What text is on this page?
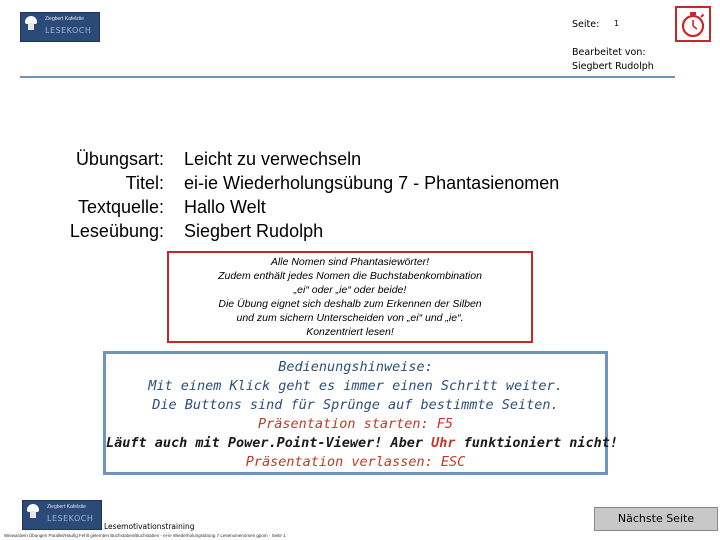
Ziegbert Kafelstie
LESEKOCH
Seite: 1
Bearbeitet von:
Siegbert Rudolph
Übungsart:
Titel:
Textquelle:
Leseübung:
Leicht zu verwechseln
ei-ie Wiederholungsübung 7 - Phantasienomen
Hallo Welt
Siegbert Rudolph
Alle Nomen sind Phantasiewörter!
Zudem enthält jedes Nomen die Buchstabenkombination
„ei“ oder „ie“ oder beide!
Die Übung eignet sich deshalb zum Erkennen der Silben
und zum sichern Unterscheiden von „ei“ und „ie“.
Konzentriert lesen!
Bedienungshinweise:
Mit einem Klick geht es immer einen Schritt weiter.
Die Buttons sind für Sprünge auf bestimmte Seiten.
Präsentation starten: F5
Läuft auch mit Power.Point-Viewer! Aber Uhr funktioniert nicht!
Präsentation verlassen: ESC
Ziegbert Kafelstie
LESEKOCH
Lesemotivationstraining
Wiewardem Übungen Parallel/Häufig Fehlt gelernten Buchstaben/Buchstaben - ei-ie Wiederholungsübung 7 Lesenomenomen gpom - Seite 1
Nächste Seite
